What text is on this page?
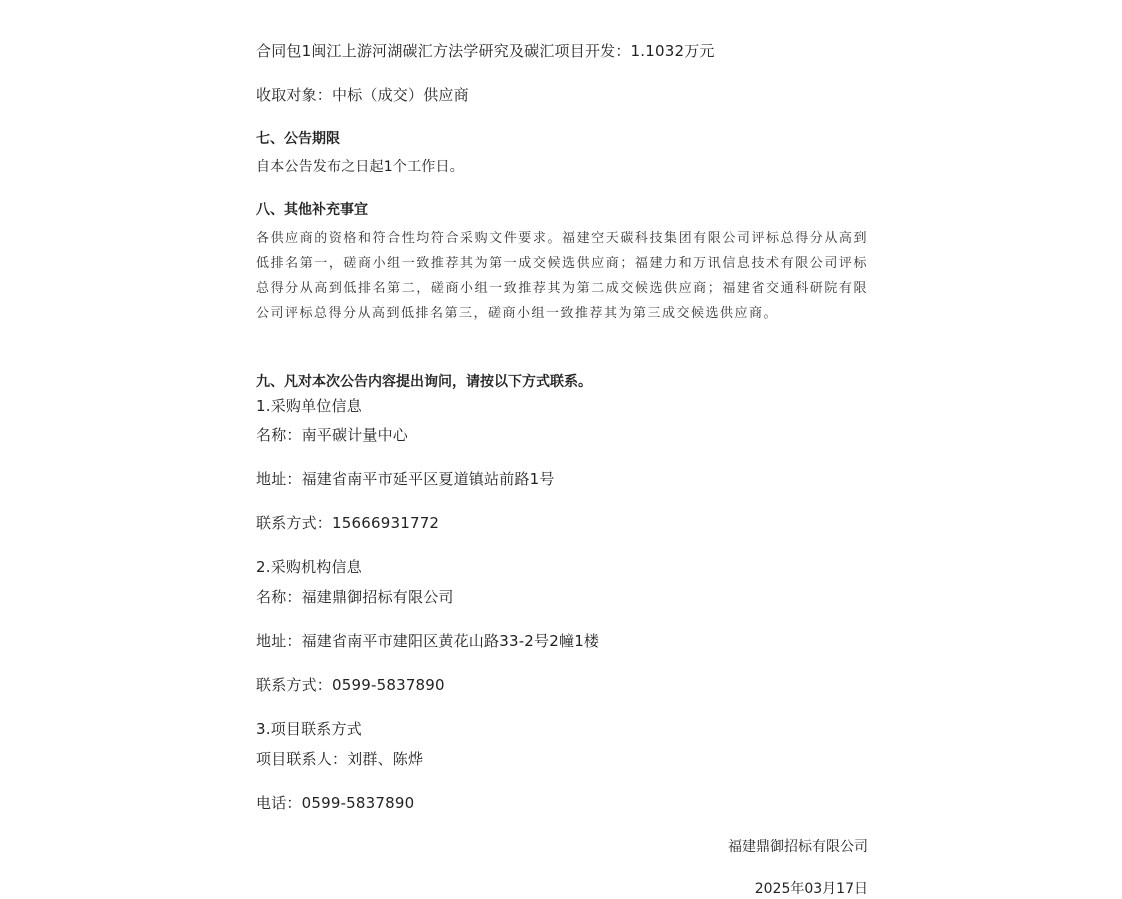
合同包1闽江上游河湖碳汇方法学研究及碳汇项目开发：1.1032万元
收取对象：中标（成交）供应商
七、公告期限
自本公告发布之日起1个工作日。
八、其他补充事宜
各供应商的资格和符合性均符合采购文件要求。福建空天碳科技集团有限公司评标总得分从高到低排名第一，磋商小组一致推荐其为第一成交候选供应商；福建力和万讯信息技术有限公司评标总得分从高到低排名第二，磋商小组一致推荐其为第二成交候选供应商；福建省交通科研院有限公司评标总得分从高到低排名第三，磋商小组一致推荐其为第三成交候选供应商。
九、凡对本次公告内容提出询问，请按以下方式联系。
1.采购单位信息
名称：南平碳计量中心
地址：福建省南平市延平区夏道镇站前路1号
联系方式：15666931772
2.采购机构信息
名称：福建鼎御招标有限公司
地址：福建省南平市建阳区黄花山路33-2号2幢1楼
联系方式：0599-5837890
3.项目联系方式
项目联系人：刘群、陈烨
电话：0599-5837890
福建鼎御招标有限公司
2025年03月17日
